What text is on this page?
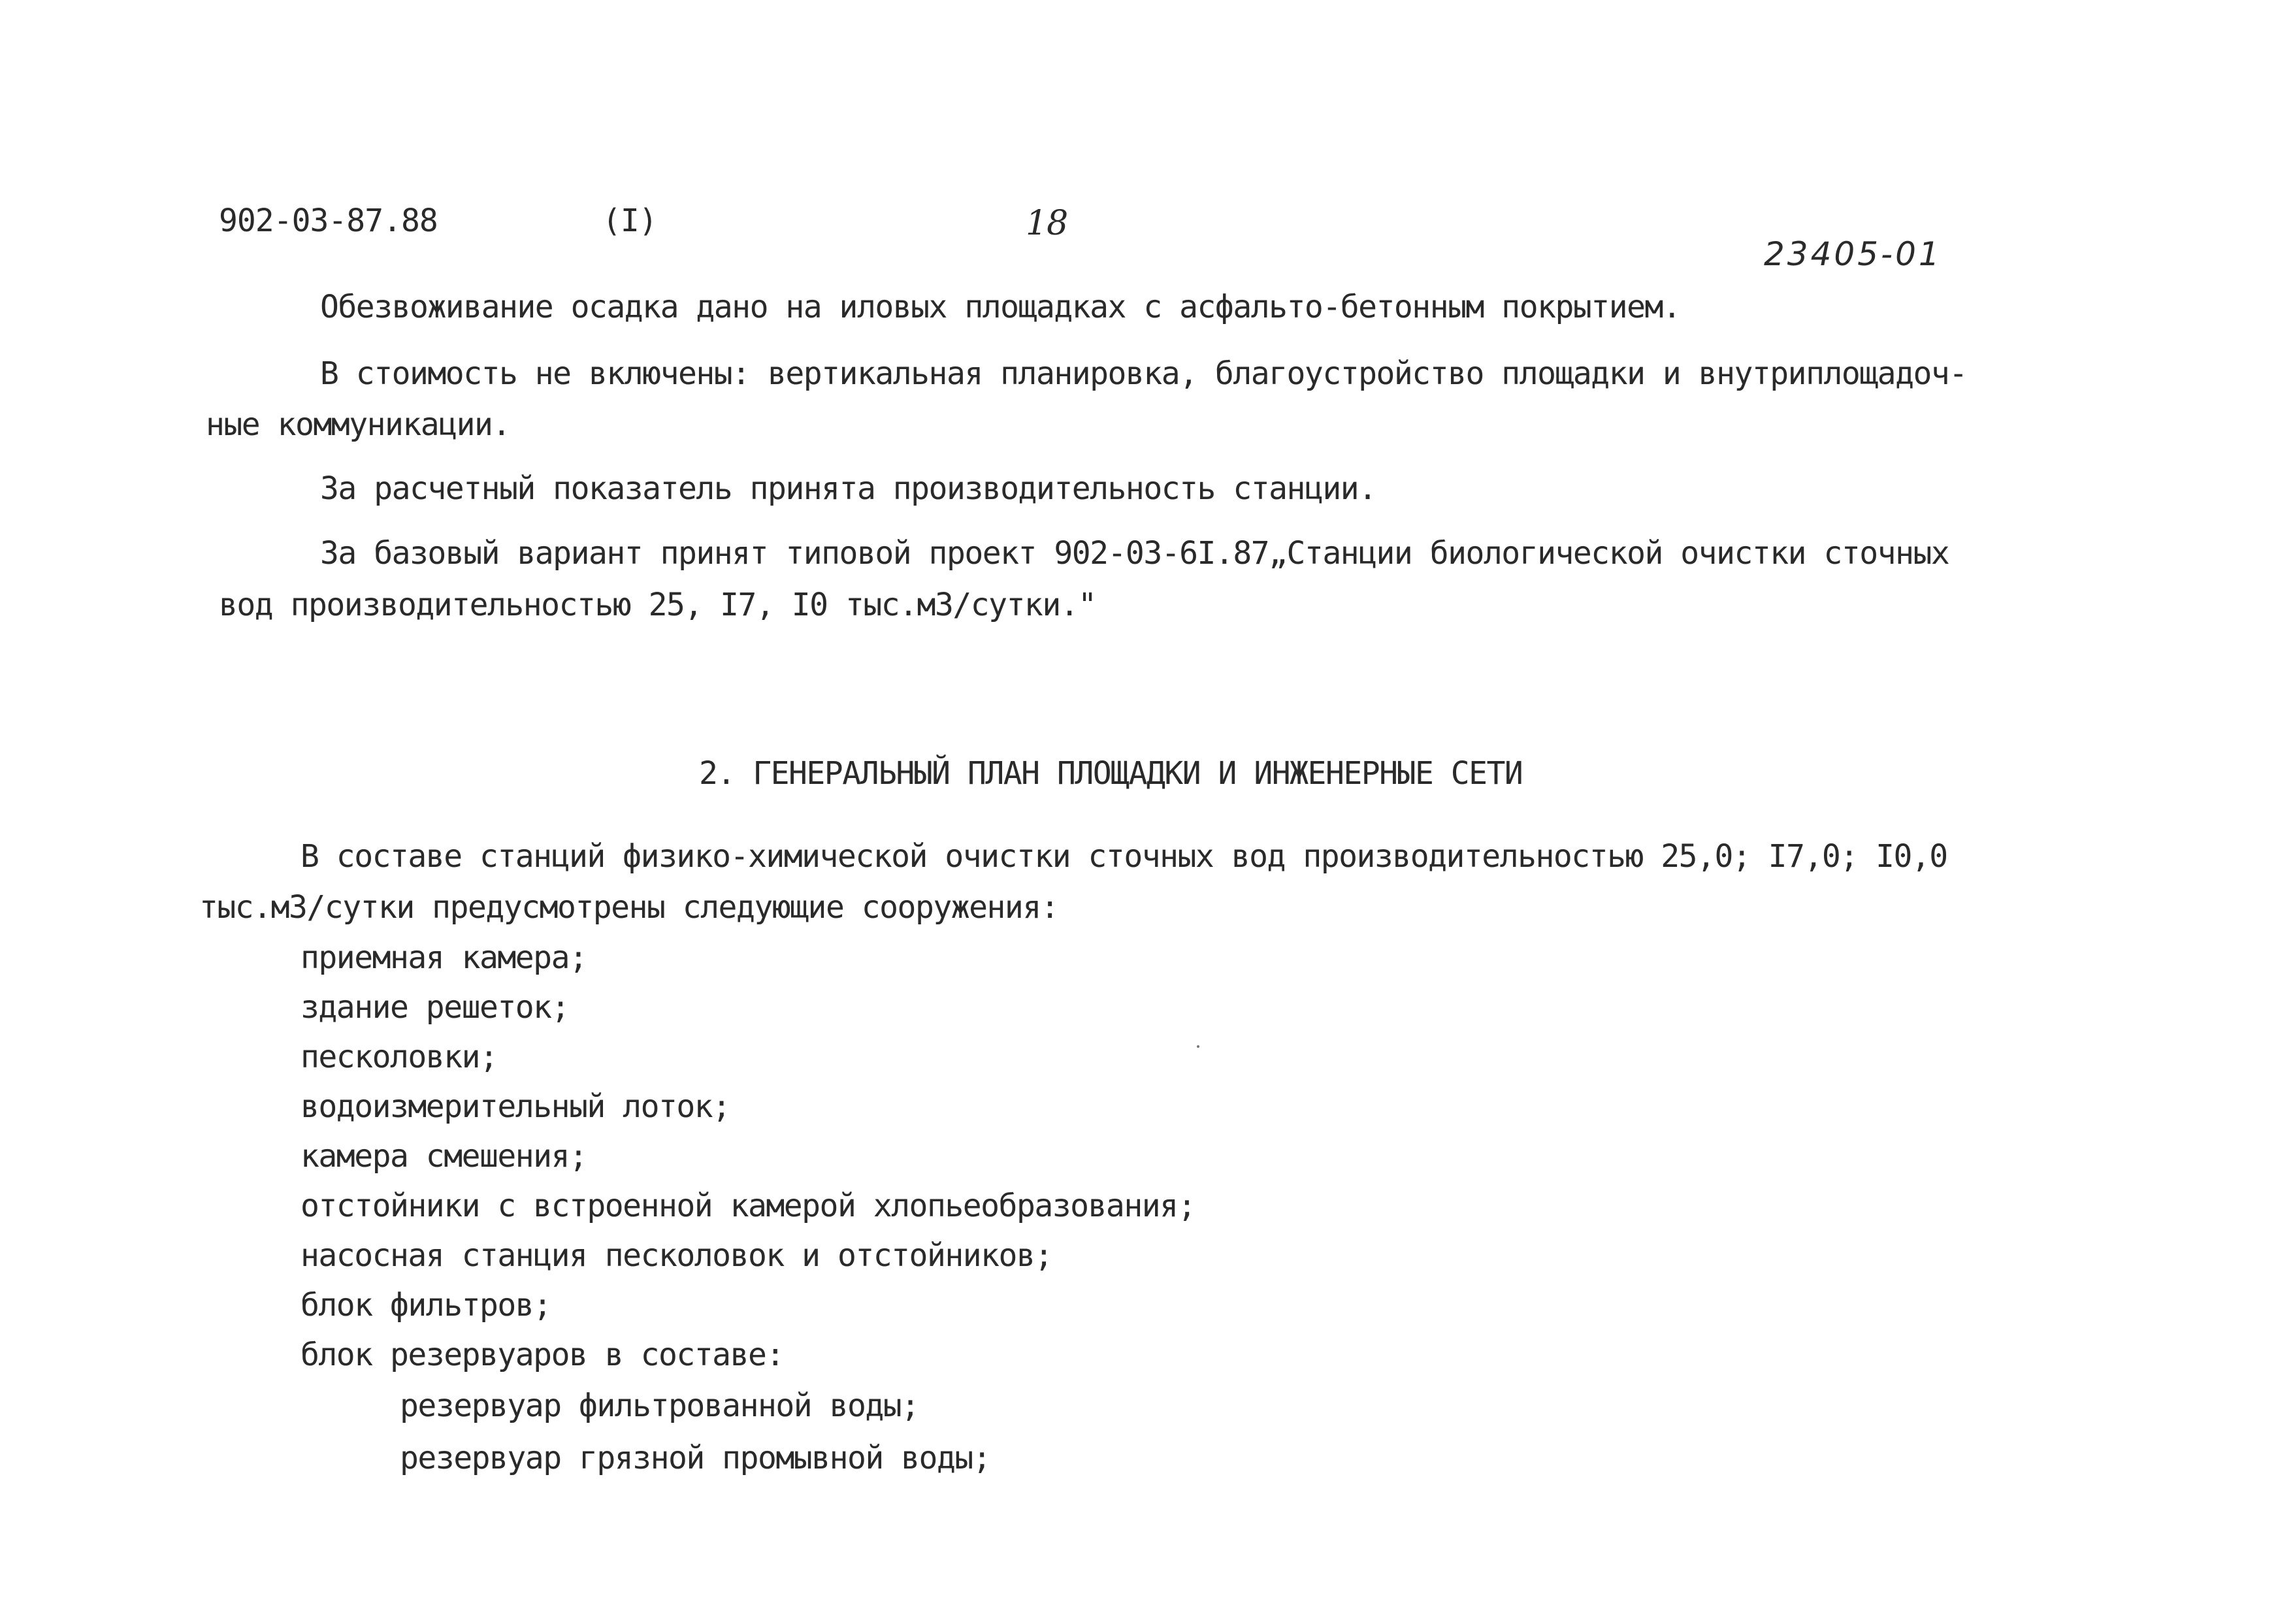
902-03-87.88	(I)	18
23405-01
Обезвоживание осадка дано на иловых площадках с асфальто-бетонным покрытием.
В стоимость не включены: вертикальная планировка, благоустройство площадки и внутриплощадоч-
ные коммуникации.
За расчетный показатель принята производительность станции.
За базовый вариант принят типовой проект 902-03-6I.87„Станции биологической очистки сточных
вод производительностью 25, I7, I0 тыс.м3/сутки."
2. ГЕНЕРАЛЬНЫЙ ПЛАН ПЛОЩАДКИ И ИНЖЕНЕРНЫЕ СЕТИ
В составе станций физико-химической очистки сточных вод производительностью 25,0; I7,0; I0,0
тыс.м3/сутки предусмотрены следующие сооружения:
приемная камера;
здание решеток;
песколовки;
водоизмерительный лоток;
камера смешения;
отстойники с встроенной камерой хлопьеобразования;
насосная станция песколовок и отстойников;
блок фильтров;
блок резервуаров в составе:
резервуар фильтрованной воды;
резервуар грязной промывной воды;
